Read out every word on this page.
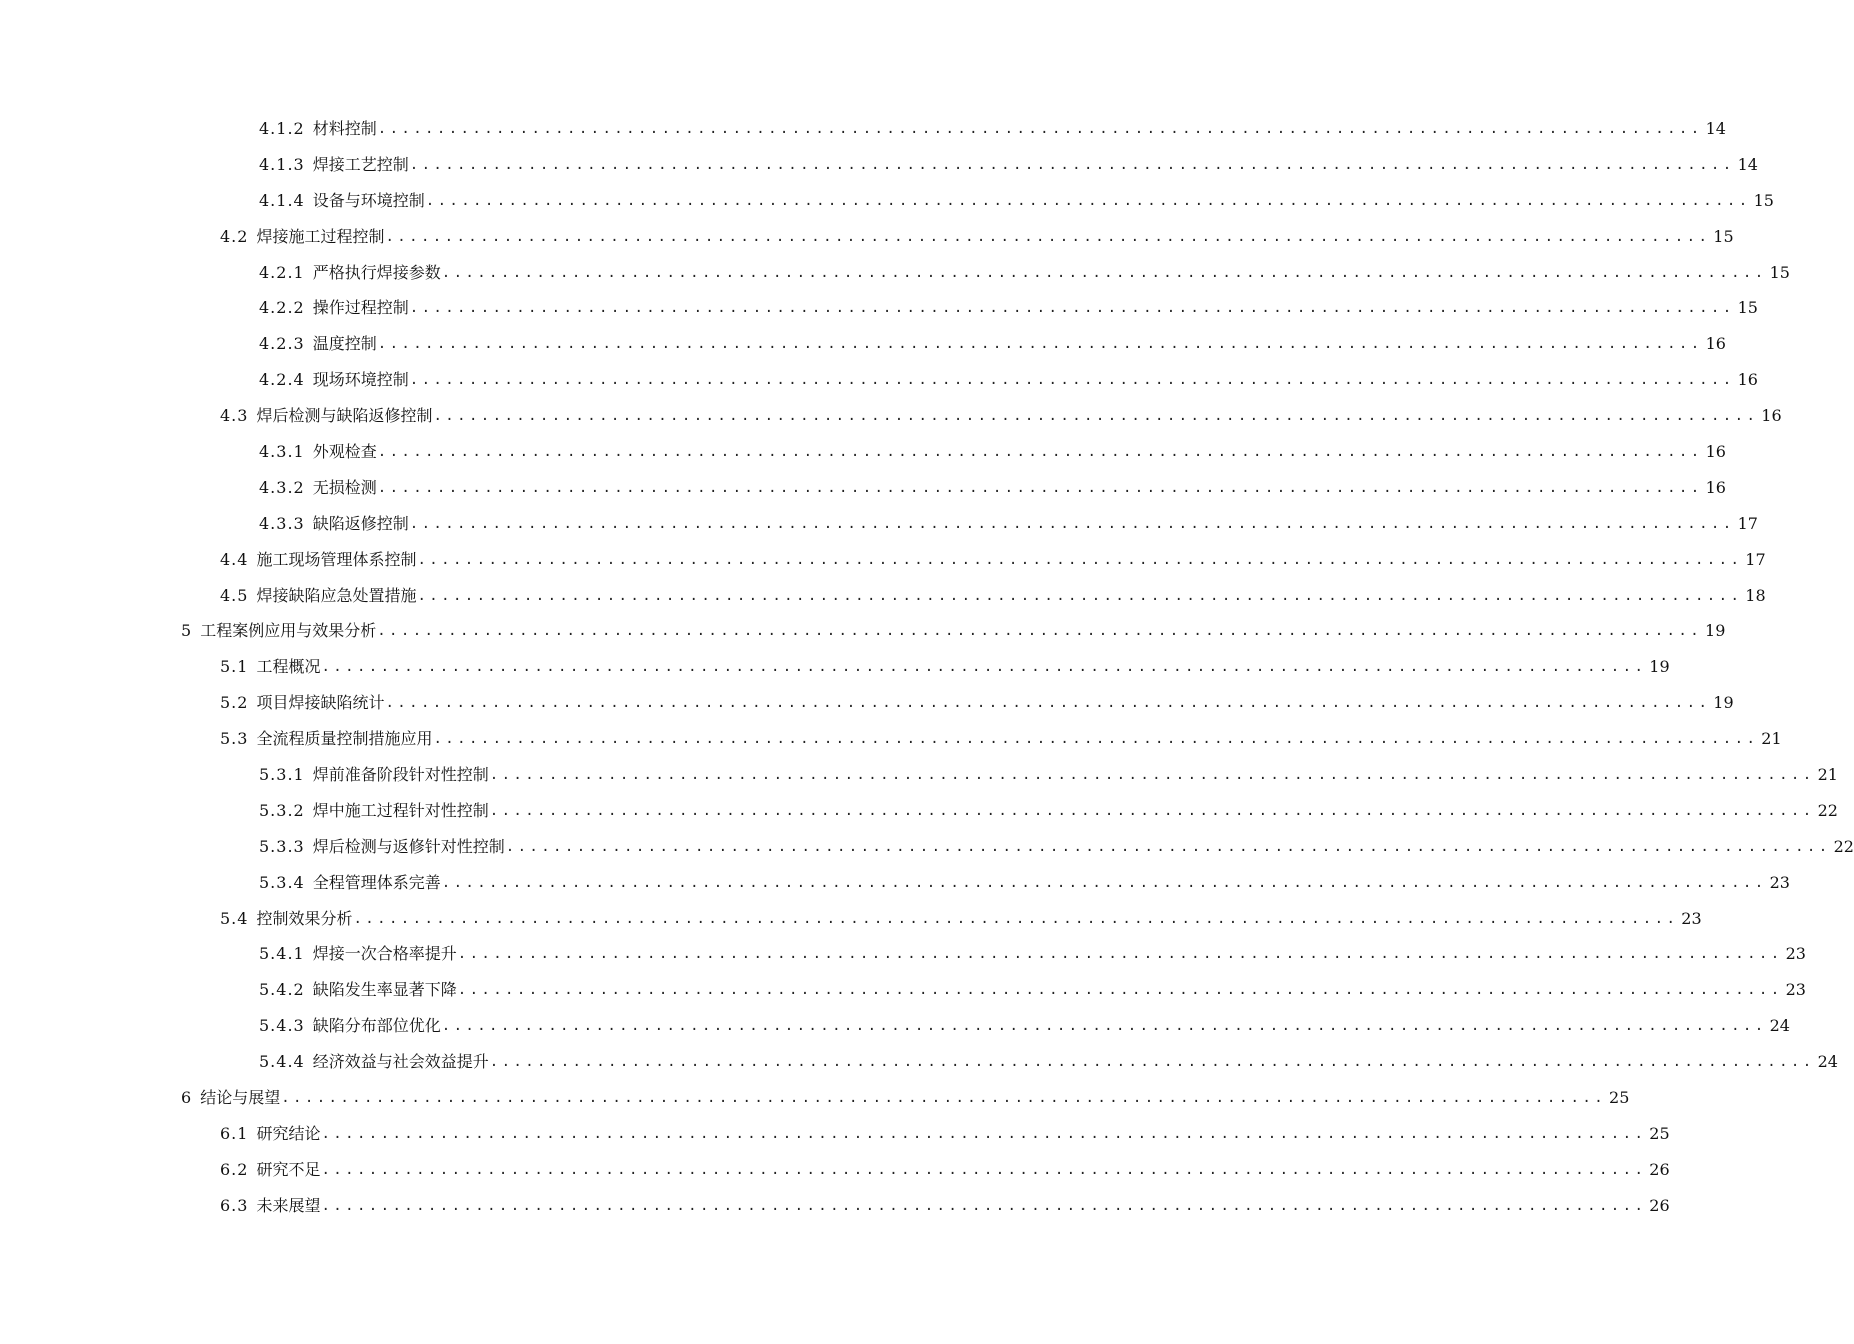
4.1.2 材料控制 ................................................................................................................ 14
4.1.3 焊接工艺控制 ................................................................................................................ 14
4.1.4 设备与环境控制 ................................................................................................................ 15
4.2 焊接施工过程控制 ................................................................................................................ 15
4.2.1 严格执行焊接参数 ................................................................................................................ 15
4.2.2 操作过程控制 ................................................................................................................ 15
4.2.3 温度控制 ................................................................................................................ 16
4.2.4 现场环境控制 ................................................................................................................ 16
4.3 焊后检测与缺陷返修控制 ................................................................................................................ 16
4.3.1 外观检查 ................................................................................................................ 16
4.3.2 无损检测 ................................................................................................................ 16
4.3.3 缺陷返修控制 ................................................................................................................ 17
4.4 施工现场管理体系控制 ................................................................................................................ 17
4.5 焊接缺陷应急处置措施 ................................................................................................................ 18
5 工程案例应用与效果分析 ................................................................................................................ 19
5.1 工程概况 ................................................................................................................ 19
5.2 项目焊接缺陷统计 ................................................................................................................ 19
5.3 全流程质量控制措施应用 ................................................................................................................ 21
5.3.1 焊前准备阶段针对性控制 ................................................................................................................ 21
5.3.2 焊中施工过程针对性控制 ................................................................................................................ 22
5.3.3 焊后检测与返修针对性控制 ................................................................................................................ 22
5.3.4 全程管理体系完善 ................................................................................................................ 23
5.4 控制效果分析 ................................................................................................................ 23
5.4.1 焊接一次合格率提升 ................................................................................................................ 23
5.4.2 缺陷发生率显著下降 ................................................................................................................ 23
5.4.3 缺陷分布部位优化 ................................................................................................................ 24
5.4.4 经济效益与社会效益提升 ................................................................................................................ 24
6 结论与展望 ................................................................................................................ 25
6.1 研究结论 ................................................................................................................ 25
6.2 研究不足 ................................................................................................................ 26
6.3 未来展望 ................................................................................................................ 26
